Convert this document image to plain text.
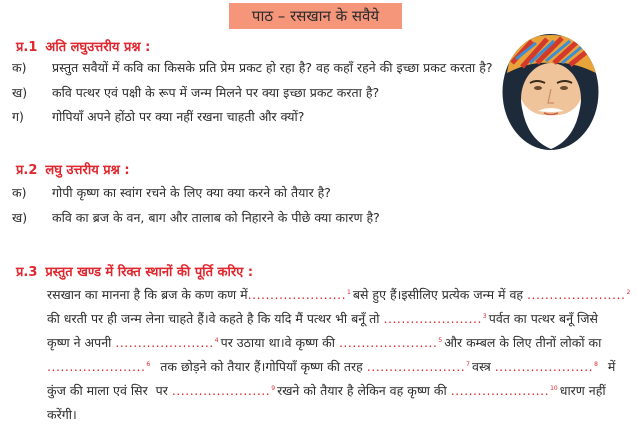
पाठ – रसखान के सवैये
प्र.1 अति लघुउत्तरीय प्रश्न :
क) प्रस्तुत सवैयों में कवि का किसके प्रति प्रेम प्रकट हो रहा है? वह कहाँ रहने की इच्छा प्रकट करता है?
ख) कवि पत्थर एवं पक्षी के रूप में जन्म मिलने पर क्या इच्छा प्रकट करता है?
ग) गोपियाँ अपने होंठो पर क्या नहीं रखना चाहती और क्यों?
प्र.2 लघु उत्तरीय प्रश्न :
क) गोपी कृष्ण का स्वांग रचने के लिए क्या क्या करने को तैयार है?
ख) कवि का ब्रज के वन, बाग और तालाब को निहारने के पीछे क्या कारण है?
प्र.3 प्रस्तुत खण्ड में रिक्त स्थानों की पूर्ति करिए :
रसखान का मानना है कि ब्रज के कण कण में......................$^1$ बसे हुए हैं।इसीलिए प्रत्येक जन्म में वह ......................$^2$
की धरती पर ही जन्म लेना चाहते हैं।वे कहते है कि यदि मैं पत्थर भी बनूँ तो ......................$^3$ पर्वत का पत्थर बनूँ जिसे
कृष्ण ने अपनी ......................$^4$ पर उठाया था।वे कृष्ण की ......................$^5$ और कम्बल के लिए तीनों लोकों का
......................$^6$  तक छोड़ने को तैयार हैं।गोपियाँ कृष्ण की तरह ......................$^7$ वस्त्र ......................$^8$  में
कुंज की माला एवं सिर  पर ......................$^9$ रखने को तैयार है लेकिन वह कृष्ण की ......................$^{10}$ धारण नहीं
करेंगी।
